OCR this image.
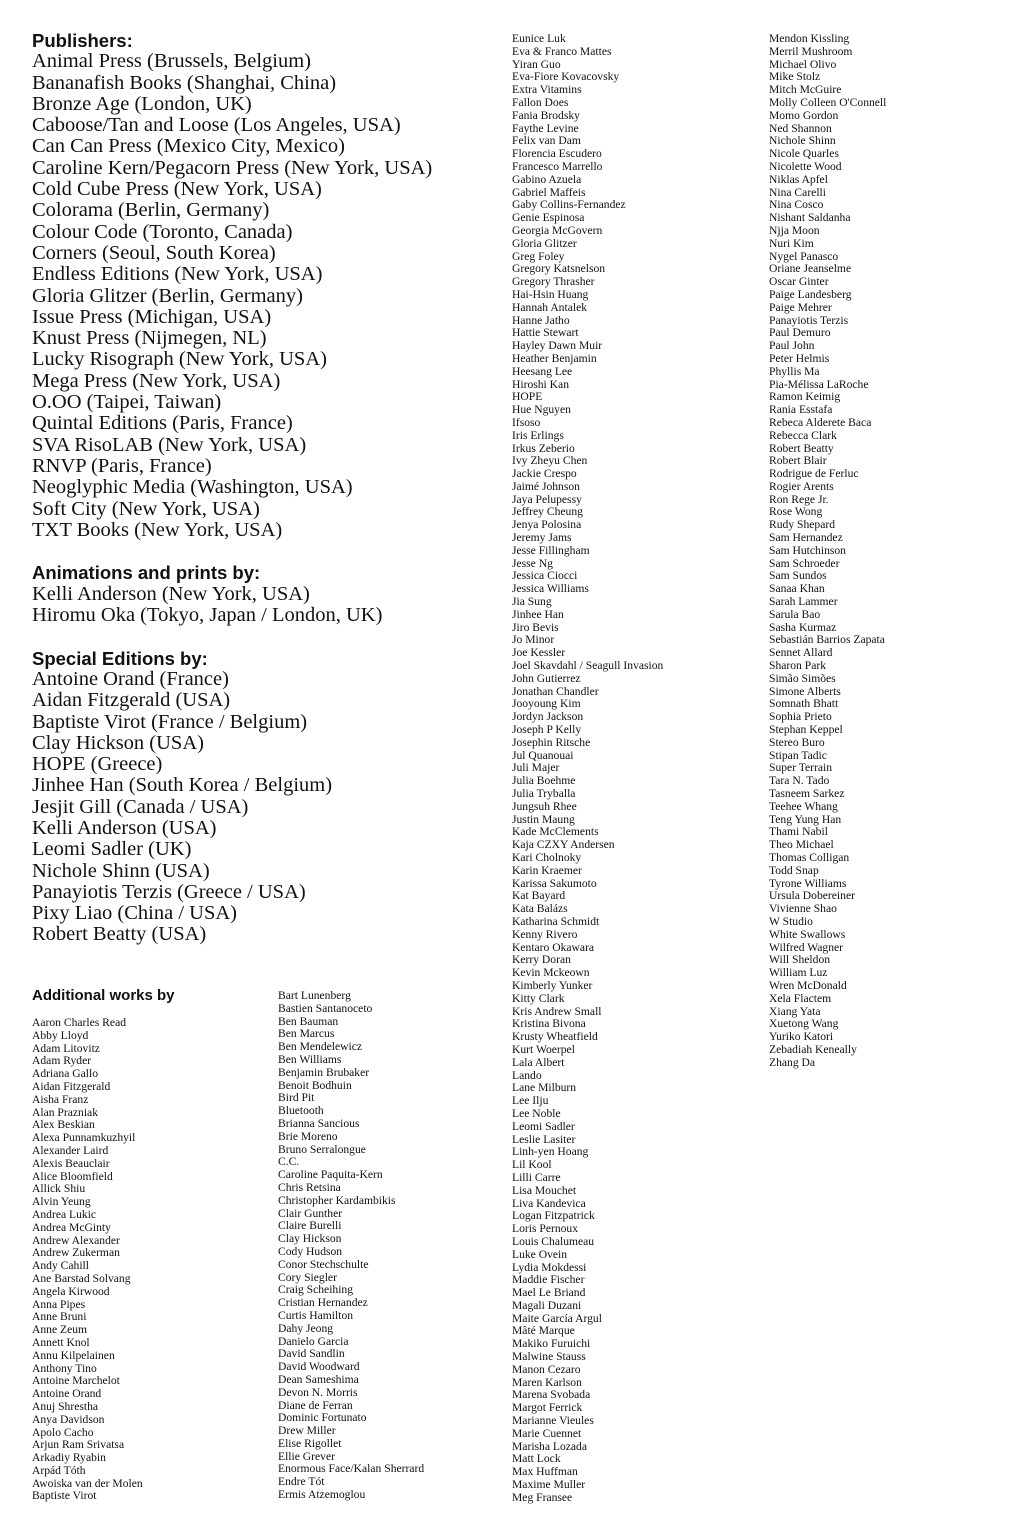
Publishers:
Animal Press (Brussels, Belgium)
Bananafish Books (Shanghai, China)
Bronze Age (London, UK)
Caboose/Tan and Loose (Los Angeles, USA)
Can Can Press (Mexico City, Mexico)
Caroline Kern/Pegacorn Press (New York, USA)
Cold Cube Press (New York, USA)
Colorama (Berlin, Germany)
Colour Code (Toronto, Canada)
Corners (Seoul, South Korea)
Endless Editions (New York, USA)
Gloria Glitzer (Berlin, Germany)
Issue Press (Michigan, USA)
Knust Press (Nijmegen, NL)
Lucky Risograph (New York, USA)
Mega Press (New York, USA)
O.OO (Taipei, Taiwan)
Quintal Editions (Paris, France)
SVA RisoLAB (New York, USA)
RNVP (Paris, France)
Neoglyphic Media (Washington, USA)
Soft City (New York, USA)
TXT Books (New York, USA)
Animations and prints by:
Kelli Anderson (New York, USA)
Hiromu Oka (Tokyo, Japan / London, UK)
Special Editions by:
Antoine Orand (France)
Aidan Fitzgerald (USA)
Baptiste Virot (France / Belgium)
Clay Hickson (USA)
HOPE (Greece)
Jinhee Han (South Korea / Belgium)
Jesjit Gill (Canada / USA)
Kelli Anderson (USA)
Leomi Sadler (UK)
Nichole Shinn (USA)
Panayiotis Terzis (Greece / USA)
Pixy Liao (China / USA)
Robert Beatty (USA)
Additional works by
Aaron Charles Read
Abby Lloyd
Adam Litovitz
Adam Ryder
Adriana Gallo
Aidan Fitzgerald
Aisha Franz
Alan Prazniak
Alex Beskian
Alexa Punnamkuzhyil
Alexander Laird
Alexis Beauclair
Alice Bloomfield
Allick Shiu
Alvin Yeung
Andrea Lukic
Andrea McGinty
Andrew Alexander
Andrew Zukerman
Andy Cahill
Ane Barstad Solvang
Angela Kirwood
Anna Pipes
Anne Bruni
Anne Zeum
Annett Knol
Annu Kilpelainen
Anthony Tino
Antoine Marchelot
Antoine Orand
Anuj Shrestha
Anya Davidson
Apolo Cacho
Arjun Ram Srivatsa
Arkadiy Ryabin
Arpád Tóth
Awoiska van der Molen
Baptiste Virot
Bart Lunenberg
Bastien Santanoceto
Ben Bauman
Ben Marcus
Ben Mendelewicz
Ben Williams
Benjamin Brubaker
Benoit Bodhuin
Bird Pit
Bluetooth
Brianna Sancious
Brie Moreno
Bruno Serralongue
C.C.
Caroline Paquita-Kern
Chris Retsina
Christopher Kardambikis
Clair Gunther
Claire Burelli
Clay Hickson
Cody Hudson
Conor Stechschulte
Cory Siegler
Craig Scheihing
Cristian Hernandez
Curtis Hamilton
Dahy Jeong
Danielo Garcia
David Sandlin
David Woodward
Dean Sameshima
Devon N. Morris
Diane de Ferran
Dominic Fortunato
Drew Miller
Elise Rigollet
Ellie Grever
Enormous Face/Kalan Sherrard
Endre Tót
Ermis Atzemoglou
Eunice Luk
Eva & Franco Mattes
Yiran Guo
Eva-Fiore Kovacovsky
Extra Vitamins
Fallon Does
Fania Brodsky
Faythe Levine
Felix van Dam
Florencia Escudero
Francesco Marrello
Gabino Azuela
Gabriel Maffeis
Gaby Collins-Fernandez
Genie Espinosa
Georgia McGovern
Gloria Glitzer
Greg Foley
Gregory Katsnelson
Gregory Thrasher
Hai-Hsin Huang
Hannah Antalek
Hanne Jatho
Hattie Stewart
Hayley Dawn Muir
Heather Benjamin
Heesang Lee
Hiroshi Kan
HOPE
Hue Nguyen
Ifsoso
Iris Erlings
Irkus Zeberio
Ivy Zheyu Chen
Jackie Crespo
Jaimé Johnson
Jaya Pelupessy
Jeffrey Cheung
Jenya Polosina
Jeremy Jams
Jesse Fillingham
Jesse Ng
Jessica Ciocci
Jessica Williams
Jia Sung
Jinhee Han
Jiro Bevis
Jo Minor
Joe Kessler
Joel Skavdahl / Seagull Invasion
John Gutierrez
Jonathan Chandler
Jooyoung Kim
Jordyn Jackson
Joseph P Kelly
Josephin Ritsche
Jul Quanouai
Juli Majer
Julia Boehme
Julia Tryballa
Jungsuh Rhee
Justin Maung
Kade McClements
Kaja CZXY Andersen
Kari Cholnoky
Karin Kraemer
Karissa Sakumoto
Kat Bayard
Kata Balázs
Katharina Schmidt
Kenny Rivero
Kentaro Okawara
Kerry Doran
Kevin Mckeown
Kimberly Yunker
Kitty Clark
Kris Andrew Small
Kristina Bivona
Krusty Wheatfield
Kurt Woerpel
Lala Albert
Lando
Lane Milburn
Lee Ilju
Lee Noble
Leomi Sadler
Leslie Lasiter
Linh-yen Hoang
Lil Kool
Lilli Carre
Lisa Mouchet
Liva Kandevica
Logan Fitzpatrick
Loris Pernoux
Louis Chalumeau
Luke Ovein
Lydia Mokdessi
Maddie Fischer
Mael Le Briand
Magali Duzani
Maite García Argul
Mâté Marque
Makiko Furuichi
Malwine Stauss
Manon Cezaro
Maren Karlson
Marena Svobada
Margot Ferrick
Marianne Vieules
Marie Cuennet
Marisha Lozada
Matt Lock
Max Huffman
Maxime Muller
Meg Fransee
Mendon Kissling
Merril Mushroom
Michael Olivo
Mike Stolz
Mitch McGuire
Molly Colleen O'Connell
Momo Gordon
Ned Shannon
Nichole Shinn
Nicole Quarles
Nicolette Wood
Niklas Apfel
Nina Carelli
Nina Cosco
Nishant Saldanha
Njja Moon
Nuri Kim
Nygel Panasco
Oriane Jeanselme
Oscar Ginter
Paige Landesberg
Paige Mehrer
Panayiotis Terzis
Paul Demuro
Paul John
Peter Helmis
Phyllis Ma
Pia-Mélissa LaRoche
Ramon Keimig
Rania Esstafa
Rebeca Alderete Baca
Rebecca Clark
Robert Beatty
Robert Blair
Rodrigue de Ferluc
Rogier Arents
Ron Rege Jr.
Rose Wong
Rudy Shepard
Sam Hernandez
Sam Hutchinson
Sam Schroeder
Sam Sundos
Sanaa Khan
Sarah Lammer
Sarula Bao
Sasha Kurmaz
Sebastián Barrios Zapata
Sennet Allard
Sharon Park
Simão Simões
Simone Alberts
Somnath Bhatt
Sophia Prieto
Stephan Keppel
Stereo Buro
Stipan Tadic
Super Terrain
Tara N. Tado
Tasneem Sarkez
Teehee Whang
Teng Yung Han
Thami Nabil
Theo Michael
Thomas Colligan
Todd Snap
Tyrone Williams
Ursula Dobereiner
Vivienne Shao
W Studio
White Swallows
Wilfred Wagner
Will Sheldon
William Luz
Wren McDonald
Xela Flactem
Xiang Yata
Xuetong Wang
Yuriko Katori
Zebadiah Keneally
Zhang Da
